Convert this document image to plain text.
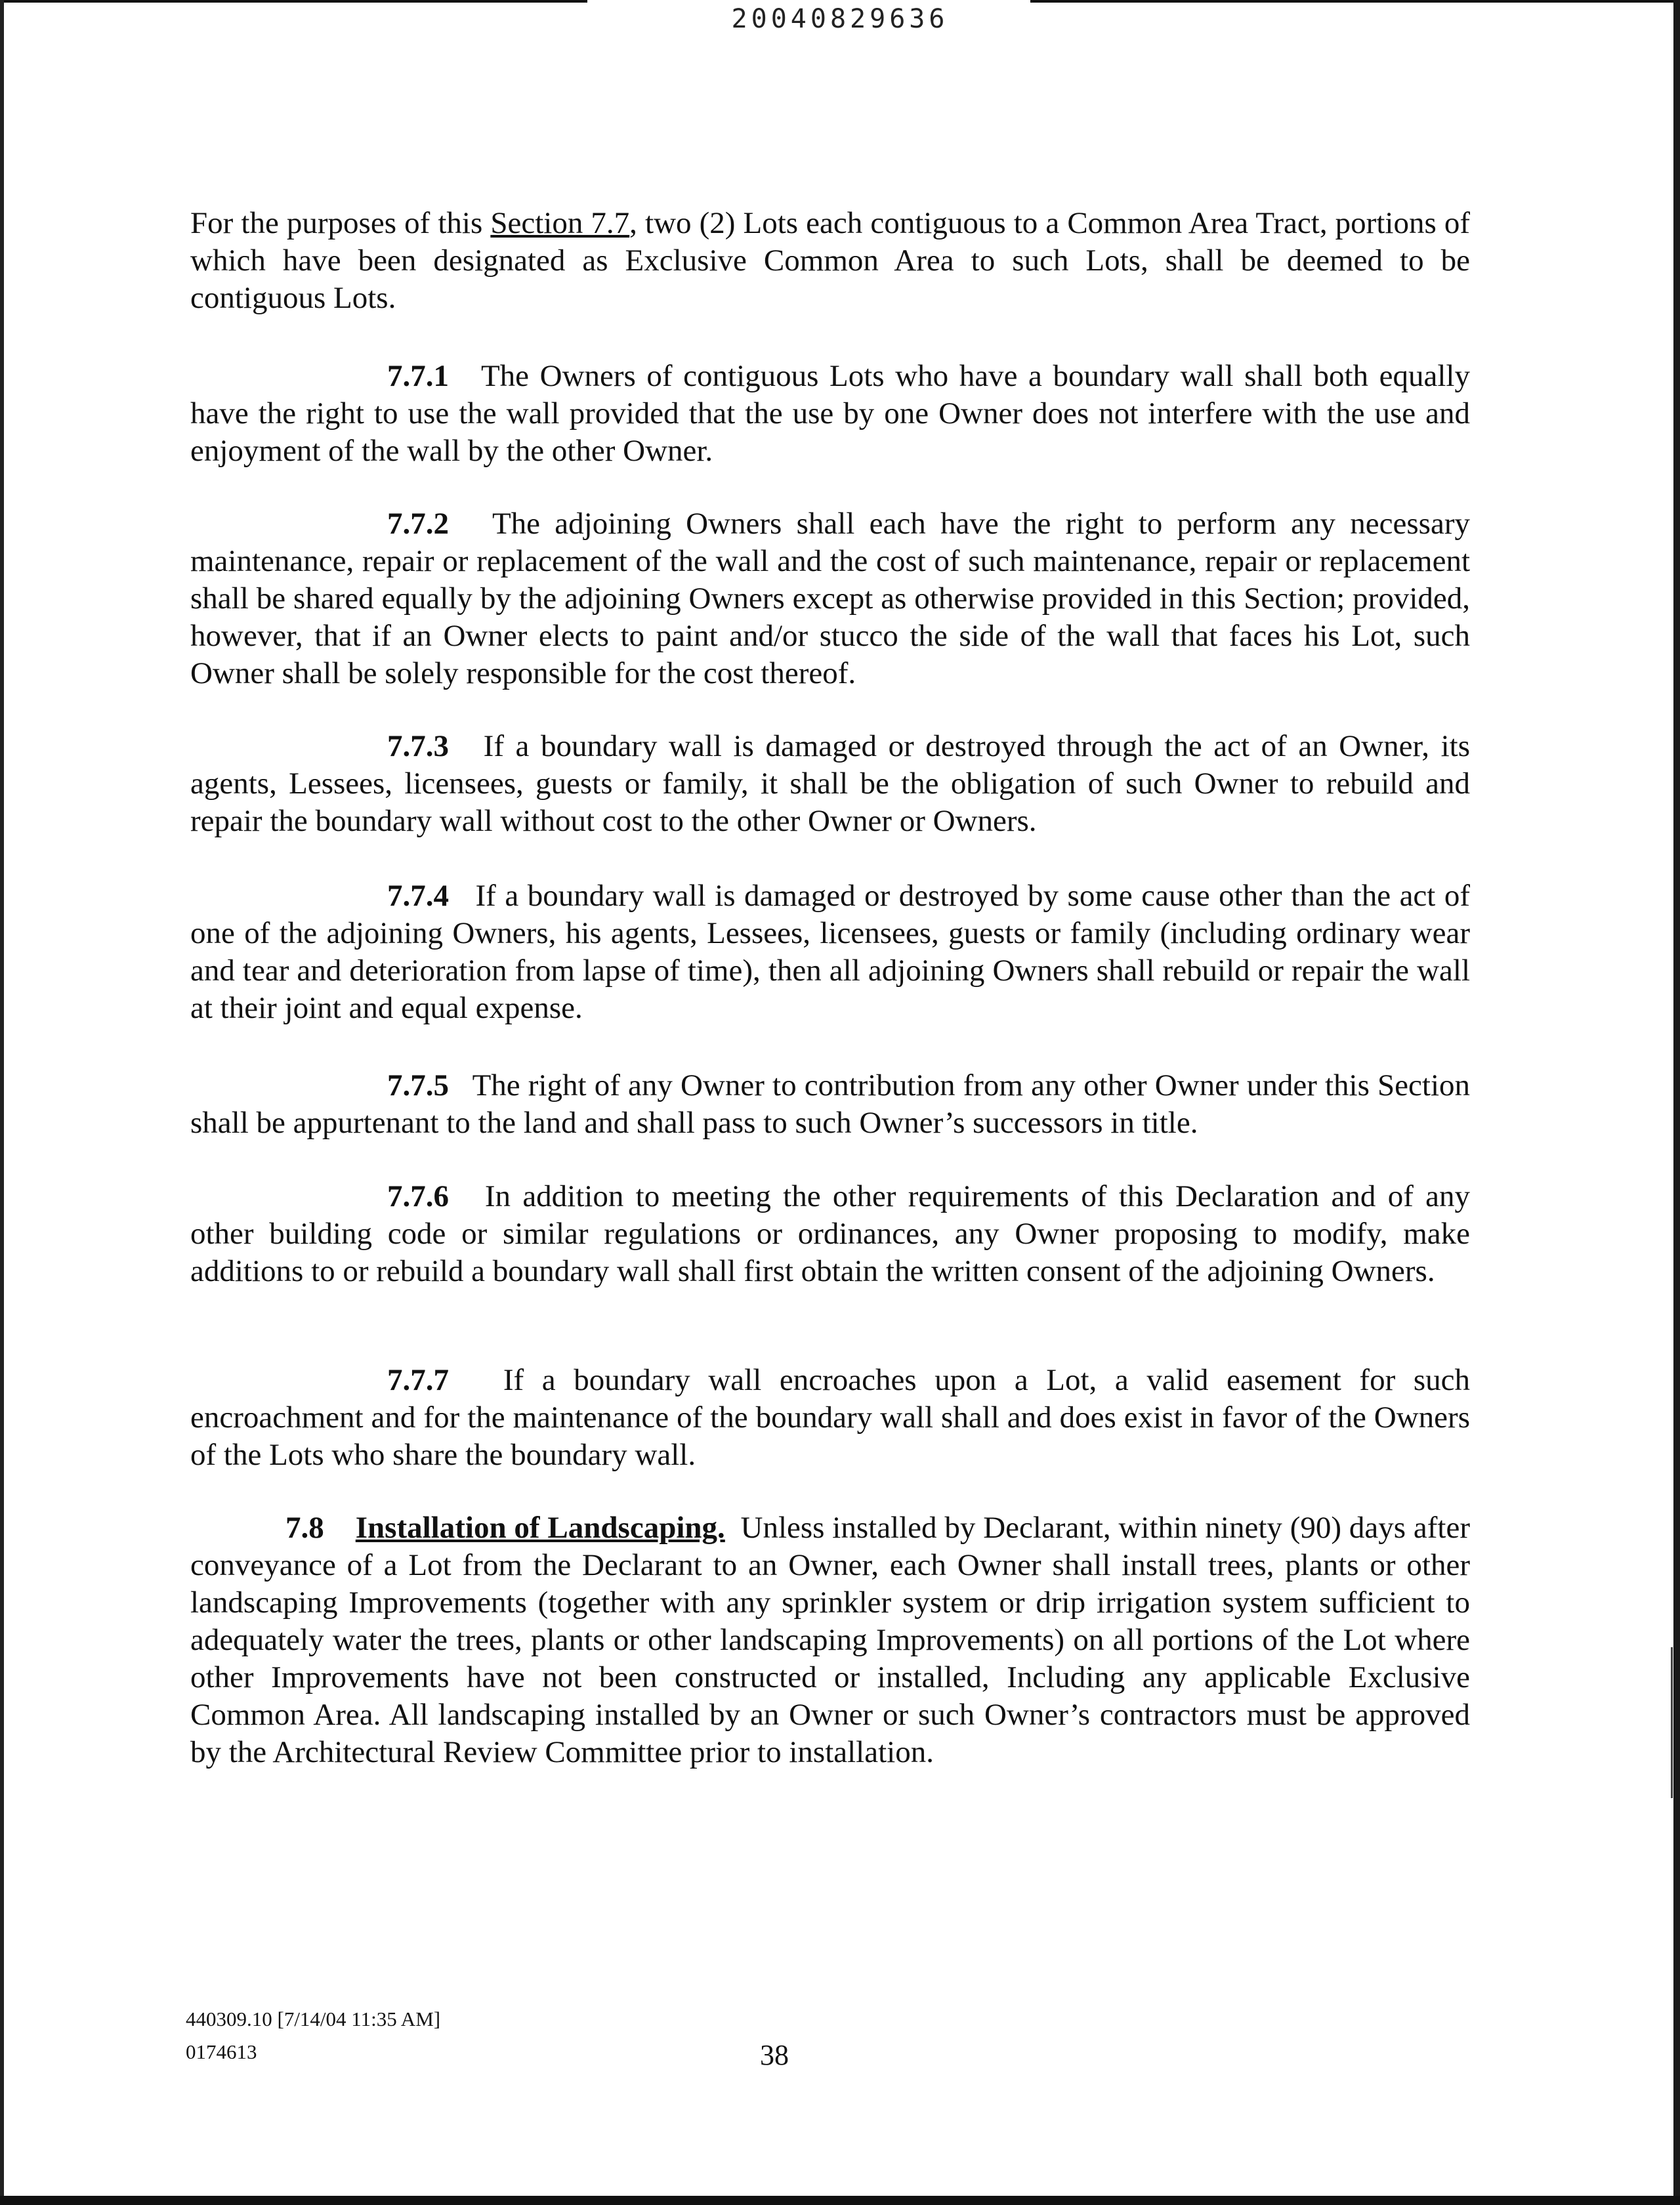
20040829636

For the purposes of this Section 7.7, two (2) Lots each contiguous to a Common Area Tract, portions of which have been designated as Exclusive Common Area to such Lots, shall be deemed to be contiguous Lots.

7.7.1 The Owners of contiguous Lots who have a boundary wall shall both equally have the right to use the wall provided that the use by one Owner does not interfere with the use and enjoyment of the wall by the other Owner.

7.7.2 The adjoining Owners shall each have the right to perform any necessary maintenance, repair or replacement of the wall and the cost of such maintenance, repair or replacement shall be shared equally by the adjoining Owners except as otherwise provided in this Section; provided, however, that if an Owner elects to paint and/or stucco the side of the wall that faces his Lot, such Owner shall be solely responsible for the cost thereof.

7.7.3 If a boundary wall is damaged or destroyed through the act of an Owner, its agents, Lessees, licensees, guests or family, it shall be the obligation of such Owner to rebuild and repair the boundary wall without cost to the other Owner or Owners.

7.7.4 If a boundary wall is damaged or destroyed by some cause other than the act of one of the adjoining Owners, his agents, Lessees, licensees, guests or family (including ordinary wear and tear and deterioration from lapse of time), then all adjoining Owners shall rebuild or repair the wall at their joint and equal expense.

7.7.5 The right of any Owner to contribution from any other Owner under this Section shall be appurtenant to the land and shall pass to such Owner’s successors in title.

7.7.6 In addition to meeting the other requirements of this Declaration and of any other building code or similar regulations or ordinances, any Owner proposing to modify, make additions to or rebuild a boundary wall shall first obtain the written consent of the adjoining Owners.

7.7.7 If a boundary wall encroaches upon a Lot, a valid easement for such encroachment and for the maintenance of the boundary wall shall and does exist in favor of the Owners of the Lots who share the boundary wall.

7.8 Installation of Landscaping. Unless installed by Declarant, within ninety (90) days after conveyance of a Lot from the Declarant to an Owner, each Owner shall install trees, plants or other landscaping Improvements (together with any sprinkler system or drip irrigation system sufficient to adequately water the trees, plants or other landscaping Improvements) on all portions of the Lot where other Improvements have not been constructed or installed, Including any applicable Exclusive Common Area. All landscaping installed by an Owner or such Owner’s contractors must be approved by the Architectural Review Committee prior to installation.

440309.10 [7/14/04 11:35 AM]
0174613	38
